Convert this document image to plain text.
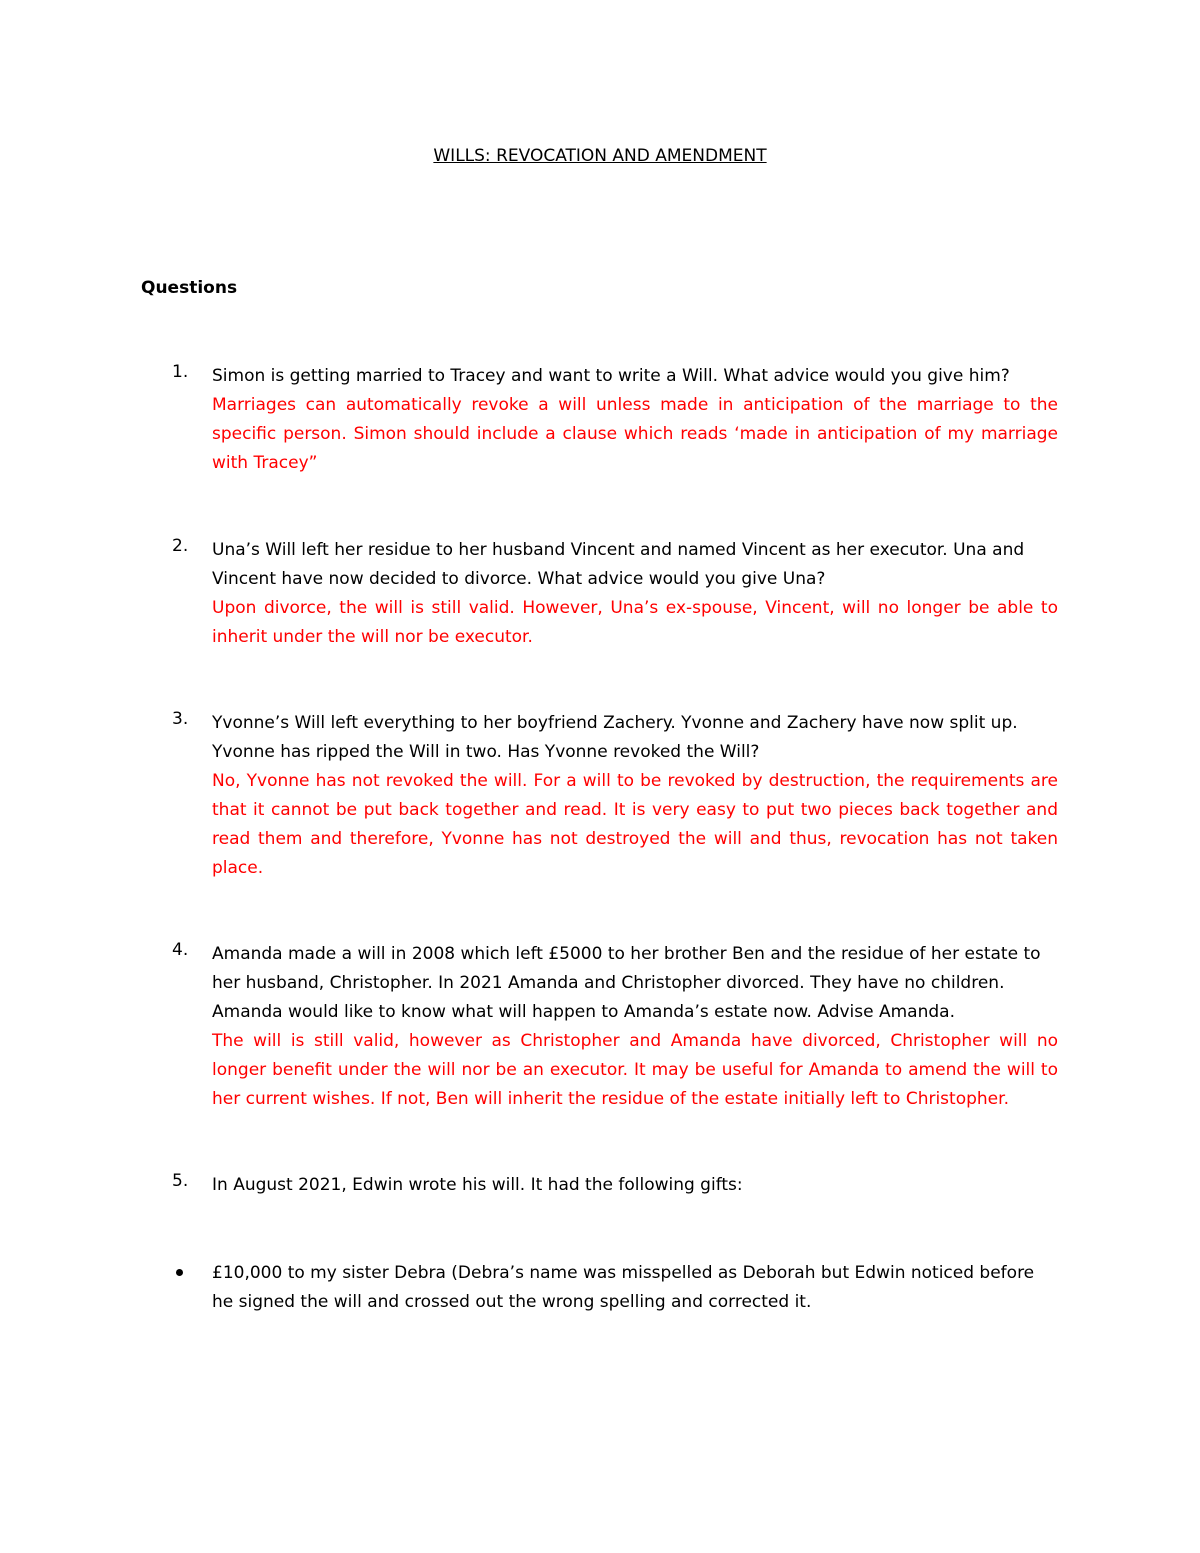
WILLS: REVOCATION AND AMENDMENT
Questions
1.	Simon is getting married to Tracey and want to write a Will. What advice would you give him?
Marriages can automatically revoke a will unless made in anticipation of the marriage to the specific person. Simon should include a clause which reads ‘made in anticipation of my marriage with Tracey”
2.	Una’s Will left her residue to her husband Vincent and named Vincent as her executor. Una and Vincent have now decided to divorce. What advice would you give Una?
Upon divorce, the will is still valid. However, Una’s ex-spouse, Vincent, will no longer be able to inherit under the will nor be executor.
3.	Yvonne’s Will left everything to her boyfriend Zachery. Yvonne and Zachery have now split up. Yvonne has ripped the Will in two. Has Yvonne revoked the Will?
No, Yvonne has not revoked the will. For a will to be revoked by destruction, the requirements are that it cannot be put back together and read. It is very easy to put two pieces back together and read them and therefore, Yvonne has not destroyed the will and thus, revocation has not taken place.
4.	Amanda made a will in 2008 which left £5000 to her brother Ben and the residue of her estate to her husband, Christopher. In 2021 Amanda and Christopher divorced. They have no children. Amanda would like to know what will happen to Amanda’s estate now. Advise Amanda.
The will is still valid, however as Christopher and Amanda have divorced, Christopher will no longer benefit under the will nor be an executor. It may be useful for Amanda to amend the will to her current wishes. If not, Ben will inherit the residue of the estate initially left to Christopher.
5.	In August 2021, Edwin wrote his will. It had the following gifts:
£10,000 to my sister Debra (Debra’s name was misspelled as Deborah but Edwin noticed before he signed the will and crossed out the wrong spelling and corrected it.
